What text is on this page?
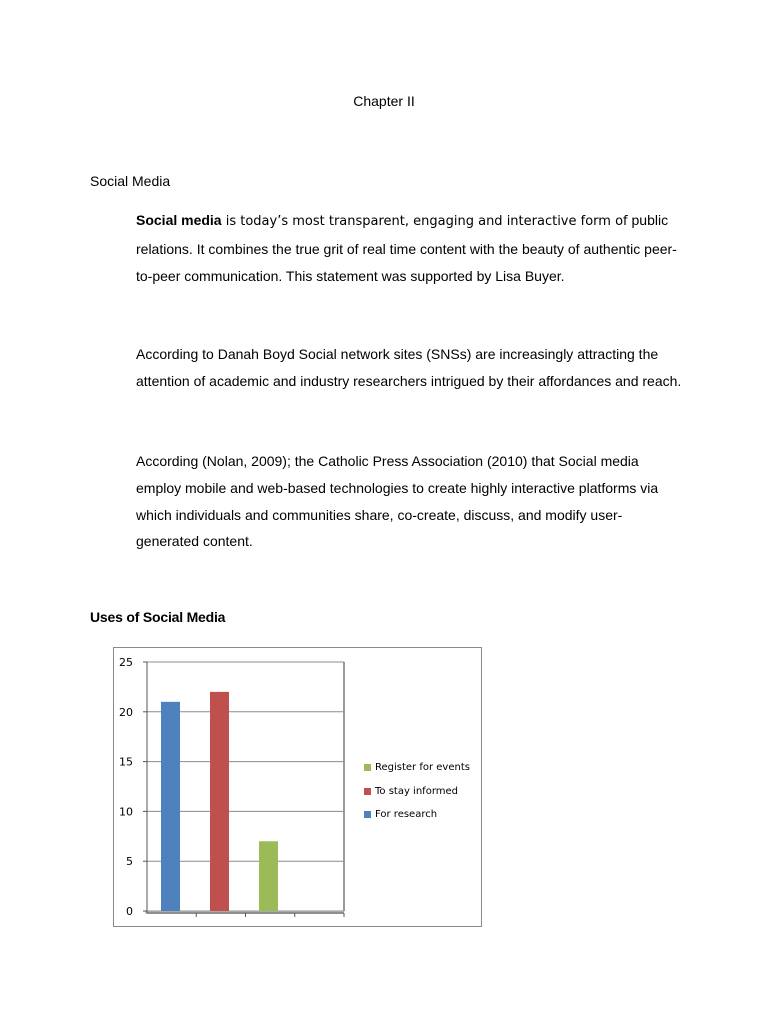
Chapter II
Social Media

Social media is today’s most transparent, engaging and interactive form of public relations. It combines the true grit of real time content with the beauty of authentic peer-to-peer communication. This statement was supported by Lisa Buyer.

According to Danah Boyd Social network sites (SNSs) are increasingly attracting the attention of academic and industry researchers intrigued by their affordances and reach.

According (Nolan, 2009); the Catholic Press Association (2010) that Social media employ mobile and web-based technologies to create highly interactive platforms via which individuals and communities share, co-create, discuss, and modify user-generated content.

Uses of Social Media
0
5
10
15
20
25
Register for events
To stay informed
For research
